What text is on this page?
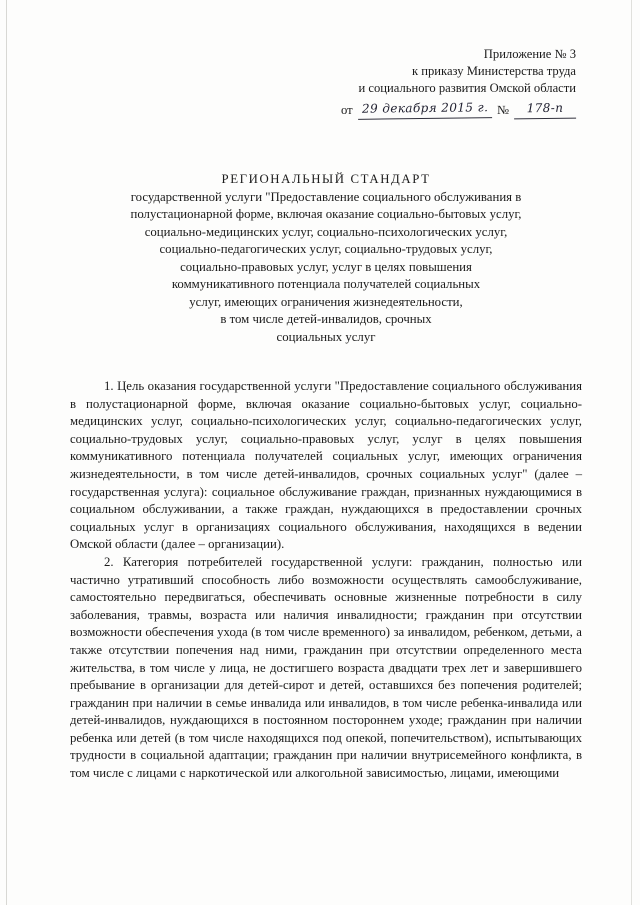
Приложение № 3
к приказу Министерства труда
и социального развития Омской области
от 29 декабря 2015 г. №	178-п

РЕГИОНАЛЬНЫЙ СТАНДАРТ

государственной услуги "Предоставление социального обслуживания в

полустационарной форме, включая оказание социально-бытовых услуг,

социально-медицинских услуг, социально-психологических услуг,

социально-педагогических услуг, социально-трудовых услуг,

социально-правовых услуг, услуг в целях повышения

коммуникативного потенциала получателей социальных

услуг, имеющих ограничения жизнедеятельности,

в том числе детей-инвалидов, срочных

социальных услуг

1. Цель оказания государственной услуги "Предоставление социального обслуживания в полустационарной форме, включая оказание социально-бытовых услуг, социально-медицинских услуг, социально-психологических услуг, социально-педагогических услуг, социально-трудовых услуг, социально-правовых услуг, услуг в целях повышения коммуникативного потенциала получателей социальных услуг, имеющих ограничения жизнедеятельности, в том числе детей-инвалидов, срочных социальных услуг" (далее – государственная услуга): социальное обслуживание граждан, признанных нуждающимися в социальном обслуживании, а также граждан, нуждающихся в предоставлении срочных социальных услуг в организациях социального обслуживания, находящихся в ведении Омской области (далее – организации).

2. Категория потребителей государственной услуги: гражданин, полностью или частично утративший способность либо возможности осуществлять самообслуживание, самостоятельно передвигаться, обеспечивать основные жизненные потребности в силу заболевания, травмы, возраста или наличия инвалидности; гражданин при отсутствии возможности обеспечения ухода (в том числе временного) за инвалидом, ребенком, детьми, а также отсутствии попечения над ними, гражданин при отсутствии определенного места жительства, в том числе у лица, не достигшего возраста двадцати трех лет и завершившего пребывание в организации для детей-сирот и детей, оставшихся без попечения родителей; гражданин при наличии в семье инвалида или инвалидов, в том числе ребенка-инвалида или детей-инвалидов, нуждающихся в постоянном постороннем уходе; гражданин при наличии ребенка или детей (в том числе находящихся под опекой, попечительством), испытывающих трудности в социальной адаптации; гражданин при наличии внутрисемейного конфликта, в том числе с лицами с наркотической или алкогольной зависимостью, лицами, имеющими
